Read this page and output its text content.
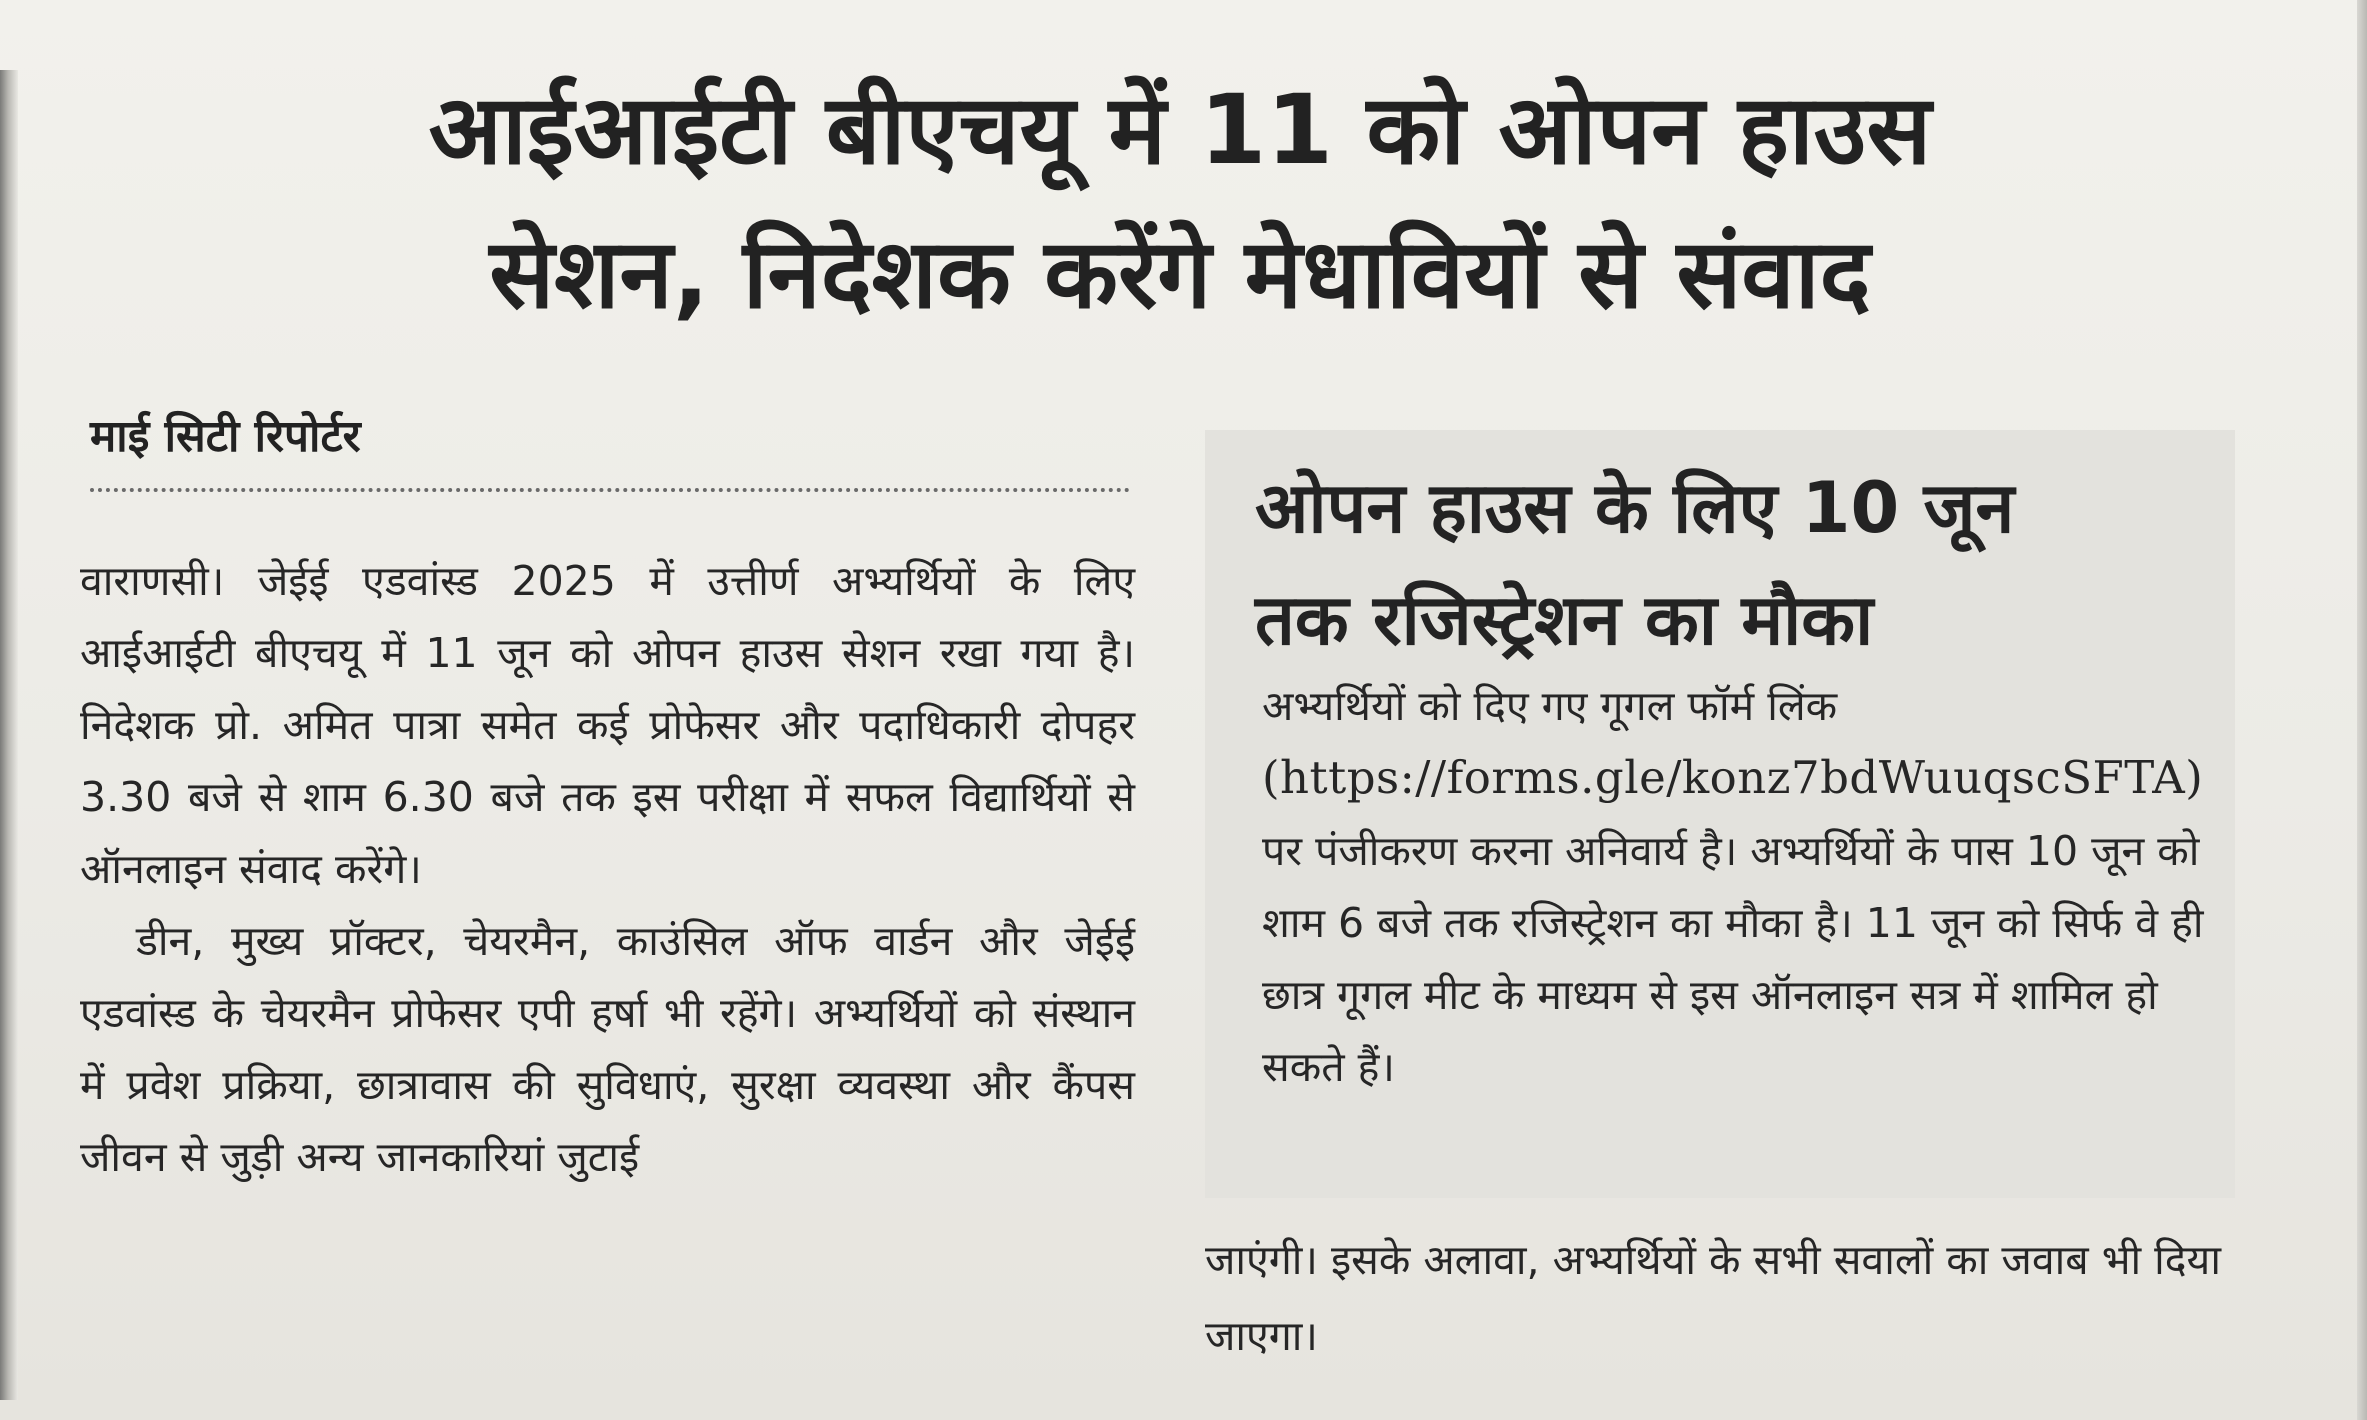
आईआईटी बीएचयू में 11 को ओपन हाउस
सेशन, निदेशक करेंगे मेधावियों से संवाद

माई सिटी रिपोर्टर

वाराणसी। जेईई एडवांस्ड 2025 में उत्तीर्ण अभ्यर्थियों के लिए आईआईटी बीएचयू में 11 जून को ओपन हाउस सेशन रखा गया है। निदेशक प्रो. अमित पात्रा समेत कई प्रोफेसर और पदाधिकारी दोपहर 3.30 बजे से शाम 6.30 बजे तक इस परीक्षा में सफल विद्यार्थियों से ऑनलाइन संवाद करेंगे।

डीन, मुख्य प्रॉक्टर, चेयरमैन, काउंसिल ऑफ वार्डन और जेईई एडवांस्ड के चेयरमैन प्रोफेसर एपी हर्षा भी रहेंगे। अभ्यर्थियों को संस्थान में प्रवेश प्रक्रिया, छात्रावास की सुविधाएं, सुरक्षा व्यवस्था और कैंपस जीवन से जुड़ी अन्य जानकारियां जुटाई

ओपन हाउस के लिए 10 जून
तक रजिस्ट्रेशन का मौका

अभ्यर्थियों को दिए गए गूगल फॉर्म लिंक (https://forms.gle/konz7bdWuuqscSFTA) पर पंजीकरण करना अनिवार्य है। अभ्यर्थियों के पास 10 जून को शाम 6 बजे तक रजिस्ट्रेशन का मौका है। 11 जून को सिर्फ वे ही छात्र गूगल मीट के माध्यम से इस ऑनलाइन सत्र में शामिल हो सकते हैं।

जाएंगी। इसके अलावा, अभ्यर्थियों के सभी सवालों का जवाब भी दिया जाएगा।
